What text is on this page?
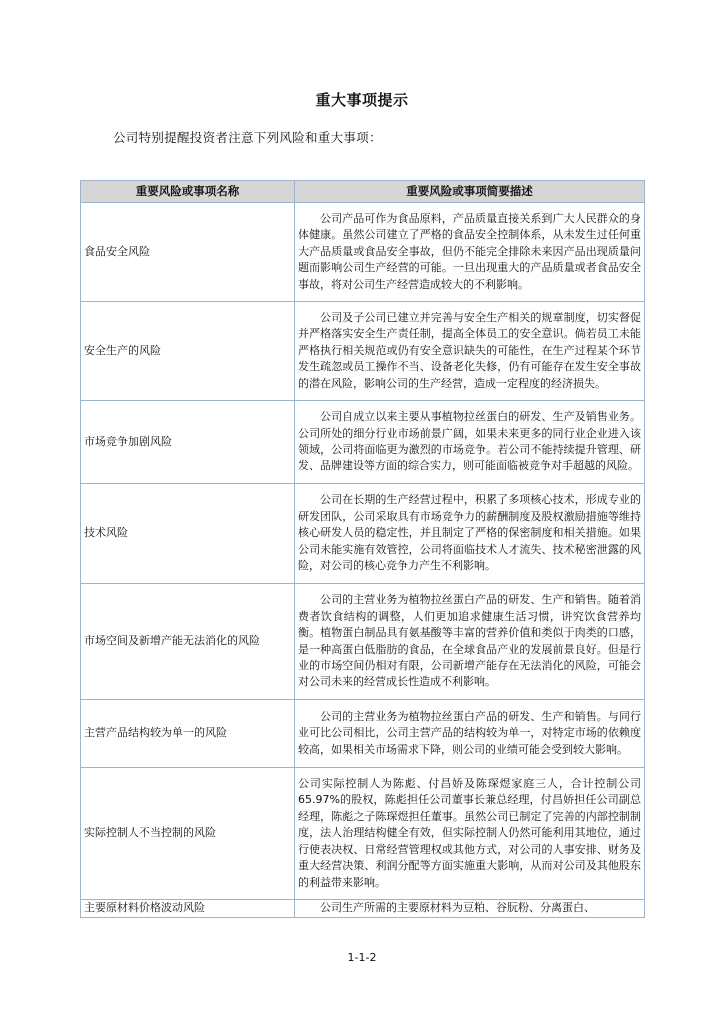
重大事项提示
公司特别提醒投资者注意下列风险和重大事项：
重要风险或事项名称	重要风险或事项简要描述
食品安全风险	公司产品可作为食品原料，产品质量直接关系到广大人民群众的身体健康。虽然公司建立了严格的食品安全控制体系，从未发生过任何重大产品质量或食品安全事故，但仍不能完全排除未来因产品出现质量问题而影响公司生产经营的可能。一旦出现重大的产品质量或者食品安全事故，将对公司生产经营造成较大的不利影响。

安全生产的风险	公司及子公司已建立并完善与安全生产相关的规章制度，切实督促并严格落实安全生产责任制，提高全体员工的安全意识。倘若员工未能严格执行相关规范或仍有安全意识缺失的可能性，在生产过程某个环节发生疏忽或员工操作不当、设备老化失修，仍有可能存在发生安全事故的潜在风险，影响公司的生产经营，造成一定程度的经济损失。

市场竞争加剧风险	公司自成立以来主要从事植物拉丝蛋白的研发、生产及销售业务。公司所处的细分行业市场前景广阔，如果未来更多的同行业企业进入该领域，公司将面临更为激烈的市场竞争。若公司不能持续提升管理、研发、品牌建设等方面的综合实力，则可能面临被竞争对手超越的风险。

技术风险	公司在长期的生产经营过程中，积累了多项核心技术，形成专业的研发团队，公司采取具有市场竞争力的薪酬制度及股权激励措施等维持核心研发人员的稳定性，并且制定了严格的保密制度和相关措施。如果公司未能实施有效管控，公司将面临技术人才流失、技术秘密泄露的风险，对公司的核心竞争力产生不利影响。

市场空间及新增产能无法消化的风险	公司的主营业务为植物拉丝蛋白产品的研发、生产和销售。随着消费者饮食结构的调整，人们更加追求健康生活习惯，讲究饮食营养均衡。植物蛋白制品具有氨基酸等丰富的营养价值和类似于肉类的口感，是一种高蛋白低脂肪的食品，在全球食品产业的发展前景良好。但是行业的市场空间仍相对有限，公司新增产能存在无法消化的风险，可能会对公司未来的经营成长性造成不利影响。

主营产品结构较为单一的风险	公司的主营业务为植物拉丝蛋白产品的研发、生产和销售。与同行业可比公司相比，公司主营产品的结构较为单一，对特定市场的依赖度较高，如果相关市场需求下降，则公司的业绩可能会受到较大影响。

实际控制人不当控制的风险	公司实际控制人为陈彪、付昌娇及陈琛煜家庭三人，合计控制公司 65.97%的股权，陈彪担任公司董事长兼总经理，付昌娇担任公司副总经理，陈彪之子陈琛煜担任董事。虽然公司已制定了完善的内部控制制度，法人治理结构健全有效，但实际控制人仍然可能利用其地位，通过行使表决权、日常经营管理权或其他方式，对公司的人事安排、财务及重大经营决策、利润分配等方面实施重大影响，从而对公司及其他股东的利益带来影响。

主要原材料价格波动风险	公司生产所需的主要原材料为豆粕、谷朊粉、分离蛋白、
1-1-2
